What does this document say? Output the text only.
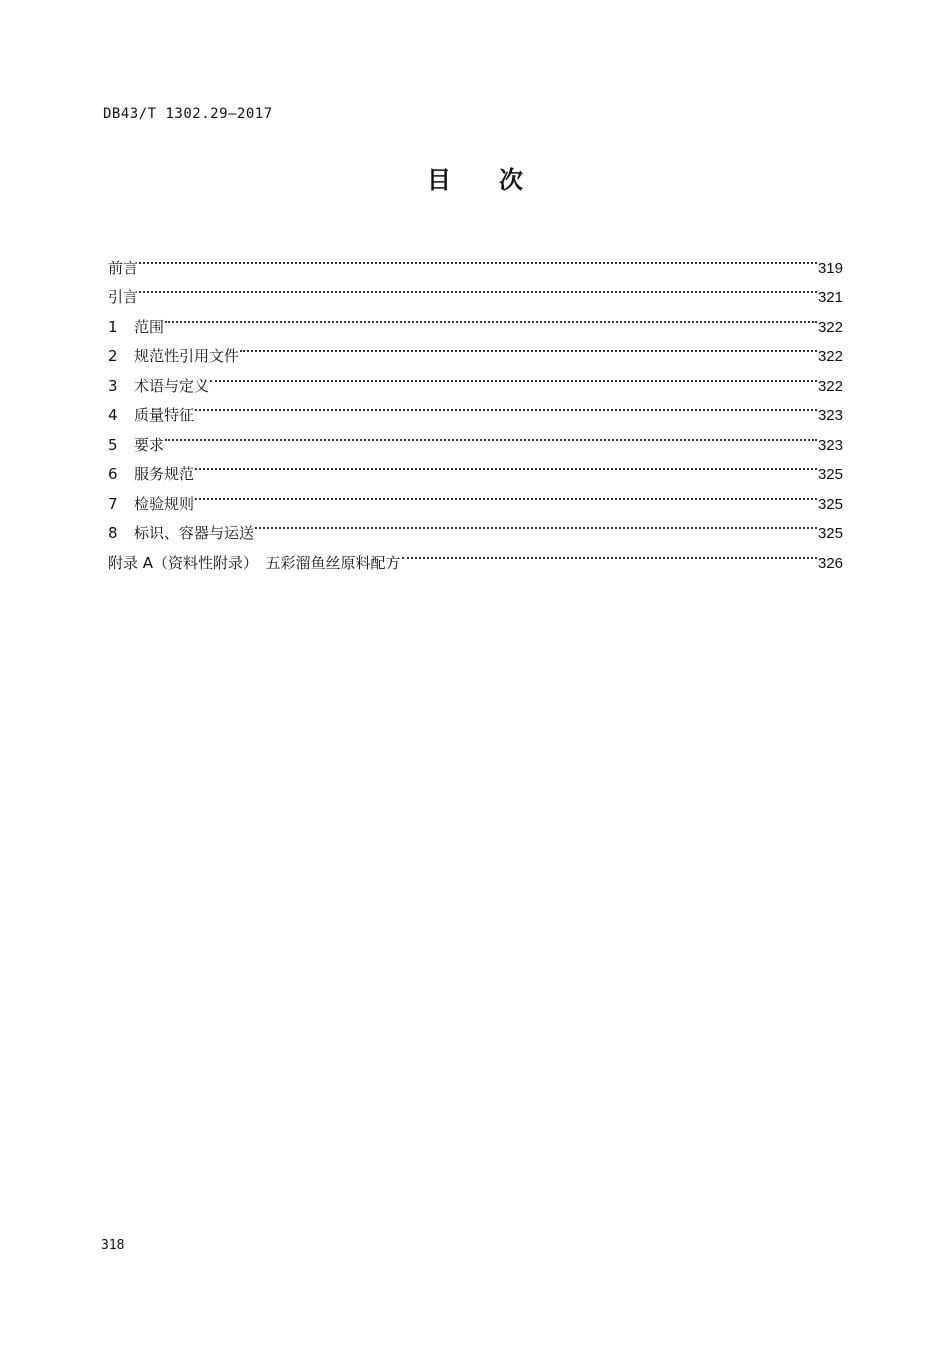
DB43/T 1302.29—2017
目 次
前言	319
引言	321
1	范围	322
2	规范性引用文件	322
3	术语与定义	322
4	质量特征	323
5	要求	323
6	服务规范	325
7	检验规则	325
8	标识、容器与运送	325
附录 A（资料性附录）　五彩溜鱼丝原料配方	326
318
